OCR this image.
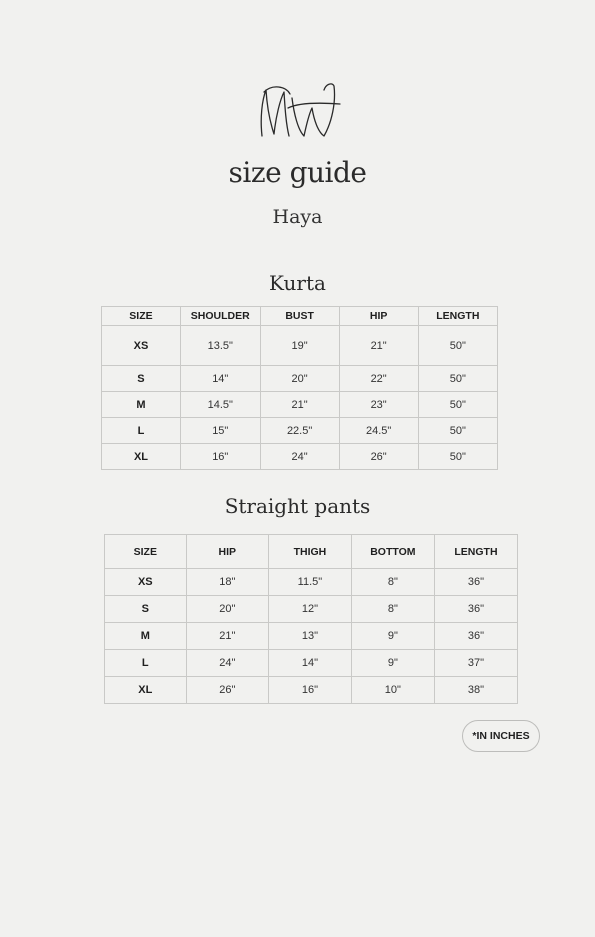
size guide
Haya
Kurta
SIZE	SHOULDER	BUST	HIP	LENGTH
XS	13.5"	19"	21"	50"
S	14"	20"	22"	50"
M	14.5"	21"	23"	50"
L	15"	22.5"	24.5"	50"
XL	16"	24"	26"	50"
Straight pants
SIZE	HIP	THIGH	BOTTOM	LENGTH
XS	18"	11.5"	8"	36"
S	20"	12"	8"	36"
M	21"	13"	9"	36"
L	24"	14"	9"	37"
XL	26"	16"	10"	38"
*IN INCHES
